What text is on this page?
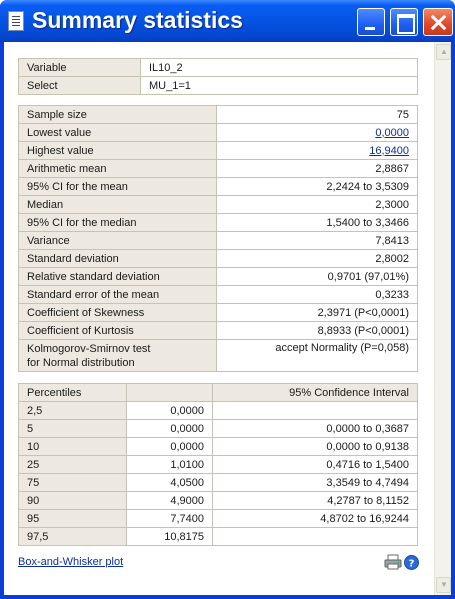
Summary statistics
Variable	IL10_2
Select	MU_1=1
Sample size	75
Lowest value	0,0000
Highest value	16,9400
Arithmetic mean	2,8867
95% CI for the mean	2,2424 to 3,5309
Median	2,3000
95% CI for the median	1,5400 to 3,3466
Variance	7,8413
Standard deviation	2,8002
Relative standard deviation	0,9701 (97,01%)
Standard error of the mean	0,3233
Coefficient of Skewness	2,3971 (P<0,0001)
Coefficient of Kurtosis	8,8933 (P<0,0001)

Kolmogorov-Smirnov test
for Normal distribution	accept Normality (P=0,058)
Percentiles		95% Confidence Interval
2,5	0,0000	
5	0,0000	0,0000 to 0,3687
10	0,0000	0,0000 to 0,9138
25	1,0100	0,4716 to 1,5400
75	4,0500	3,3549 to 4,7494
90	4,9000	4,2787 to 8,1152
95	7,7400	4,8702 to 16,9244
97,5	10,8175	
Box-and-Whisker plot	?
▲
▼
